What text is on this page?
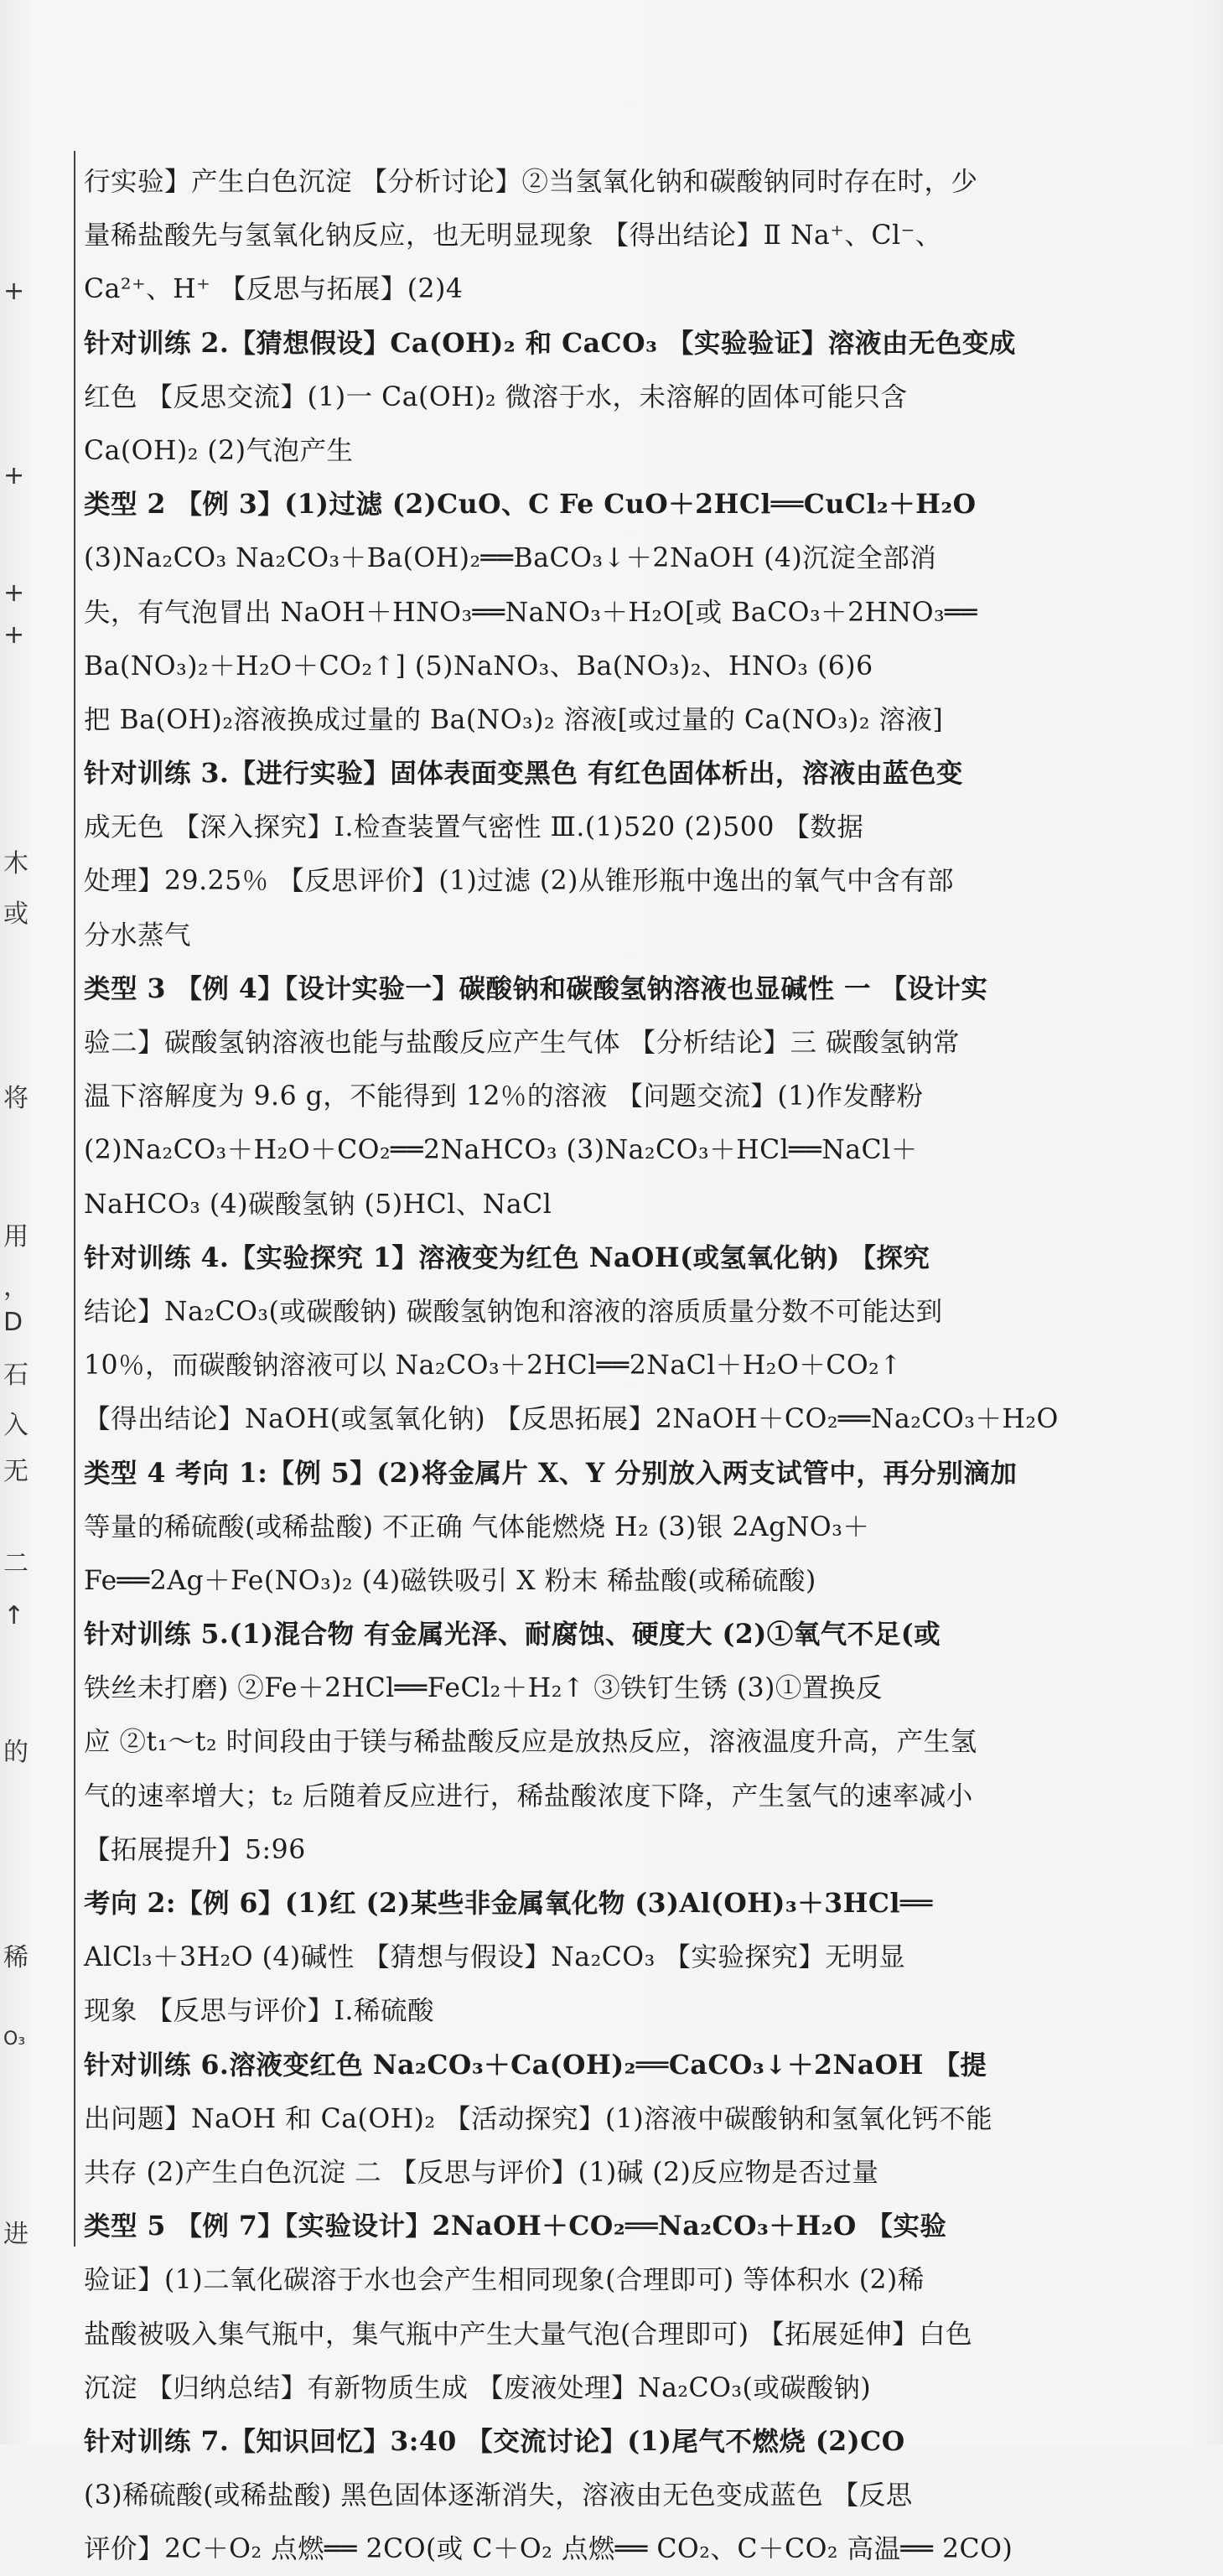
+
+
+
+
木
或
将
用
，
D
石
入
无
二
↑
的
稀
O₃
进
行实验】产生白色沉淀 【分析讨论】②当氢氧化钠和碳酸钠同时存在时，少
量稀盐酸先与氢氧化钠反应，也无明显现象 【得出结论】Ⅱ Na⁺、Cl⁻、
Ca²⁺、H⁺ 【反思与拓展】(2)4
针对训练 2.【猜想假设】Ca(OH)₂ 和 CaCO₃ 【实验验证】溶液由无色变成
红色 【反思交流】(1)一 Ca(OH)₂ 微溶于水，未溶解的固体可能只含
Ca(OH)₂ (2)气泡产生
类型 2 【例 3】(1)过滤 (2)CuO、C Fe CuO＋2HCl══CuCl₂＋H₂O
(3)Na₂CO₃ Na₂CO₃＋Ba(OH)₂══BaCO₃↓＋2NaOH (4)沉淀全部消
失，有气泡冒出 NaOH＋HNO₃══NaNO₃＋H₂O[或 BaCO₃＋2HNO₃══
Ba(NO₃)₂＋H₂O＋CO₂↑] (5)NaNO₃、Ba(NO₃)₂、HNO₃ (6)6
把 Ba(OH)₂溶液换成过量的 Ba(NO₃)₂ 溶液[或过量的 Ca(NO₃)₂ 溶液]
针对训练 3.【进行实验】固体表面变黑色 有红色固体析出，溶液由蓝色变
成无色 【深入探究】Ⅰ.检查装置气密性 Ⅲ.(1)520 (2)500 【数据
处理】29.25％ 【反思评价】(1)过滤 (2)从锥形瓶中逸出的氧气中含有部
分水蒸气
类型 3 【例 4】【设计实验一】碳酸钠和碳酸氢钠溶液也显碱性 一 【设计实
验二】碳酸氢钠溶液也能与盐酸反应产生气体 【分析结论】三 碳酸氢钠常
温下溶解度为 9.6 g，不能得到 12％的溶液 【问题交流】(1)作发酵粉
(2)Na₂CO₃＋H₂O＋CO₂══2NaHCO₃ (3)Na₂CO₃＋HCl══NaCl＋
NaHCO₃ (4)碳酸氢钠 (5)HCl、NaCl
针对训练 4.【实验探究 1】溶液变为红色 NaOH(或氢氧化钠) 【探究
结论】Na₂CO₃(或碳酸钠) 碳酸氢钠饱和溶液的溶质质量分数不可能达到
10％，而碳酸钠溶液可以 Na₂CO₃＋2HCl══2NaCl＋H₂O＋CO₂↑
【得出结论】NaOH(或氢氧化钠) 【反思拓展】2NaOH＋CO₂══Na₂CO₃＋H₂O
类型 4 考向 1:【例 5】(2)将金属片 X、Y 分别放入两支试管中，再分别滴加
等量的稀硫酸(或稀盐酸) 不正确 气体能燃烧 H₂ (3)银 2AgNO₃＋
Fe══2Ag＋Fe(NO₃)₂ (4)磁铁吸引 X 粉末 稀盐酸(或稀硫酸)
针对训练 5.(1)混合物 有金属光泽、耐腐蚀、硬度大 (2)①氧气不足(或
铁丝未打磨) ②Fe＋2HCl══FeCl₂＋H₂↑ ③铁钉生锈 (3)①置换反
应 ②t₁～t₂ 时间段由于镁与稀盐酸反应是放热反应，溶液温度升高，产生氢
气的速率增大；t₂ 后随着反应进行，稀盐酸浓度下降，产生氢气的速率减小
【拓展提升】5:96
考向 2:【例 6】(1)红 (2)某些非金属氧化物 (3)Al(OH)₃＋3HCl══
AlCl₃＋3H₂O (4)碱性 【猜想与假设】Na₂CO₃ 【实验探究】无明显
现象 【反思与评价】Ⅰ.稀硫酸
针对训练 6.溶液变红色 Na₂CO₃＋Ca(OH)₂══CaCO₃↓＋2NaOH 【提
出问题】NaOH 和 Ca(OH)₂ 【活动探究】(1)溶液中碳酸钠和氢氧化钙不能
共存 (2)产生白色沉淀 二 【反思与评价】(1)碱 (2)反应物是否过量
类型 5 【例 7】【实验设计】2NaOH＋CO₂══Na₂CO₃＋H₂O 【实验
验证】(1)二氧化碳溶于水也会产生相同现象(合理即可) 等体积水 (2)稀
盐酸被吸入集气瓶中，集气瓶中产生大量气泡(合理即可) 【拓展延伸】白色
沉淀 【归纳总结】有新物质生成 【废液处理】Na₂CO₃(或碳酸钠)
针对训练 7.【知识回忆】3:40 【交流讨论】(1)尾气不燃烧 (2)CO
(3)稀硫酸(或稀盐酸) 黑色固体逐渐消失，溶液由无色变成蓝色 【反思
评价】2C＋O₂ 点燃══ 2CO(或 C＋O₂ 点燃══ CO₂、C＋CO₂ 高温══ 2CO)
